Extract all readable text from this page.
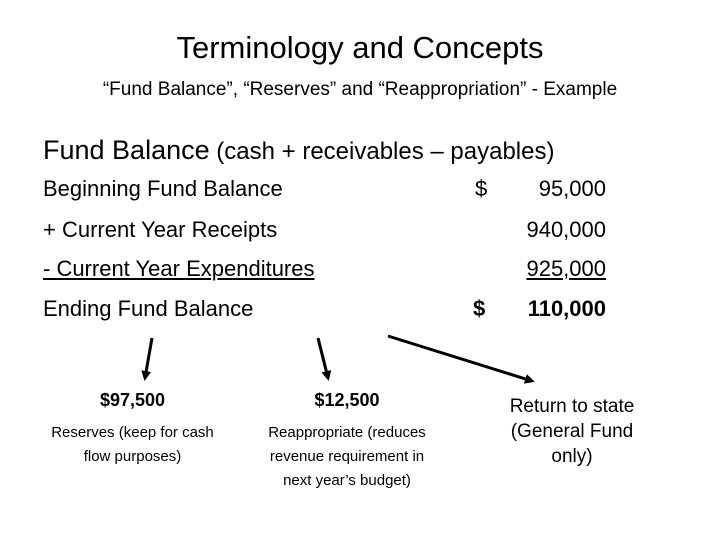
Terminology and Concepts
“Fund Balance”, “Reserves” and “Reappropriation” - Example
Fund Balance (cash + receivables – payables)
Beginning Fund Balance	$ 95,000
+ Current Year Receipts	940,000
- Current Year Expenditures	925,000
Ending Fund Balance	$ 110,000
$97,500
Reserves (keep for cash flow purposes)
$12,500
Reappropriate (reduces revenue requirement in next year’s budget)
Return to state (General Fund only)
